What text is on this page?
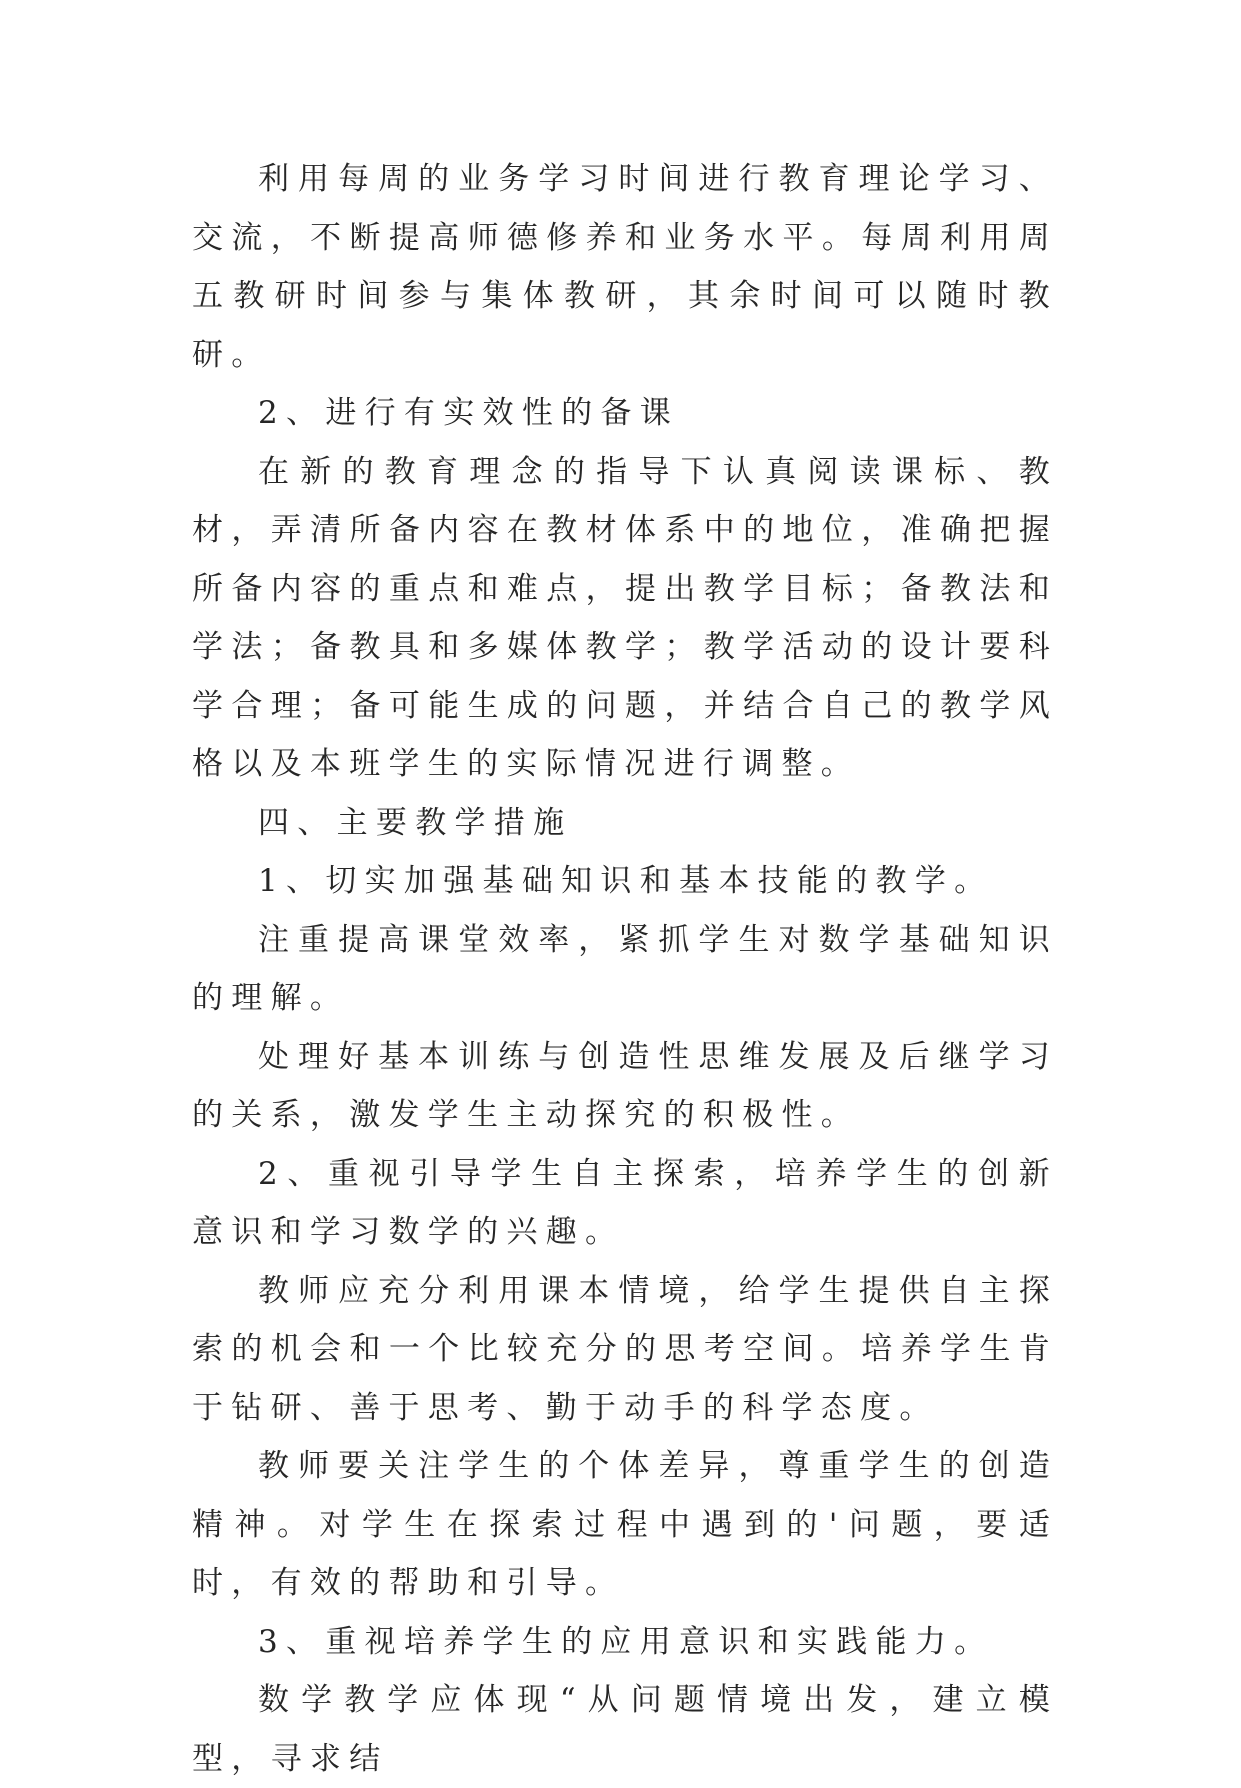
利用每周的业务学习时间进行教育理论学习、交流，不断提高师德修养和业务水平。每周利用周五教研时间参与集体教研，其余时间可以随时教研。

2、进行有实效性的备课

在新的教育理念的指导下认真阅读课标、教材，弄清所备内容在教材体系中的地位，准确把握所备内容的重点和难点，提出教学目标；备教法和学法；备教具和多媒体教学；教学活动的设计要科学合理；备可能生成的问题，并结合自己的教学风格以及本班学生的实际情况进行调整。

四、主要教学措施

1、切实加强基础知识和基本技能的教学。

注重提高课堂效率，紧抓学生对数学基础知识的理解。

处理好基本训练与创造性思维发展及后继学习的关系，激发学生主动探究的积极性。

2、重视引导学生自主探索，培养学生的创新意识和学习数学的兴趣。

教师应充分利用课本情境，给学生提供自主探索的机会和一个比较充分的思考空间。培养学生肯于钻研、善于思考、勤于动手的科学态度。

教师要关注学生的个体差异，尊重学生的创造精神。对学生在探索过程中遇到的'问题，要适时，有效的帮助和引导。

3、重视培养学生的应用意识和实践能力。

数学教学应体现“从问题情境出发，建立模型，寻求结
